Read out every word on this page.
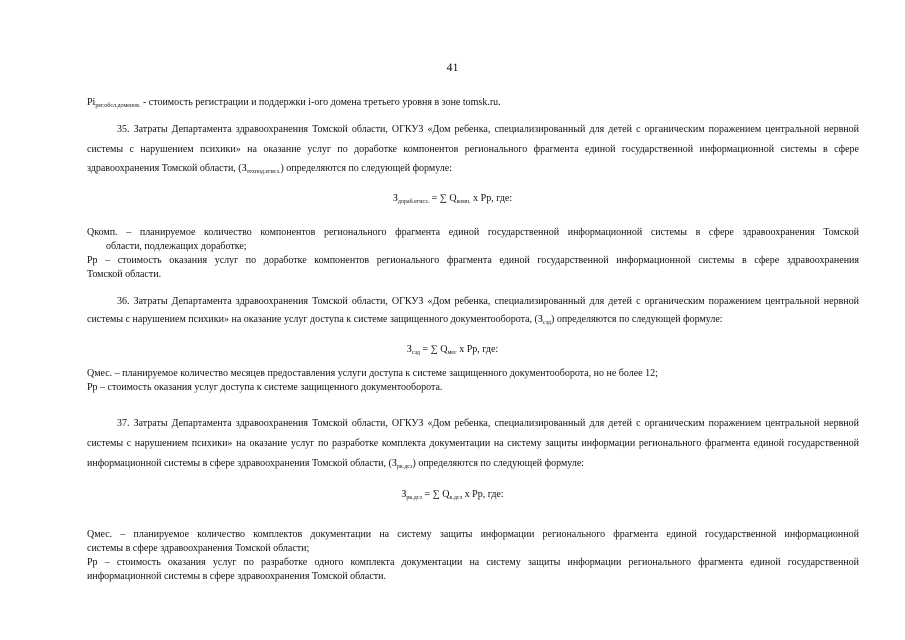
41
$Pi_{рег.обсл.доменов.}$ - стоимость регистрации и поддержки i-ого домена третьего уровня в зоне tomsk.ru.
35. Затраты Департамента здравоохранения Томской области, ОГКУЗ «Дом ребенка, специализированный для детей с органическим поражением центральной нервной
системы с нарушением психики» на оказание услуг по доработке компонентов регионального фрагмента единой государственной информационной системы в сфере
здравоохранения Томской области, $(З_{техпод.егисз.})$ определяются по следующей формуле:
$З_{дораб.егисз.}$ = ∑ $Q_{комп.}$ х Рр, где:
Qкомп. – планируемое количество компонентов регионального фрагмента единой государственной информационной системы в сфере здравоохранения Томской
области, подлежащих доработке;
Рр – стоимость оказания услуг по доработке компонентов регионального фрагмента единой государственной информационной системы в сфере здравоохранения
Томской области.
36. Затраты Департамента здравоохранения Томской области, ОГКУЗ «Дом ребенка, специализированный для детей с органическим поражением центральной нервной
системы с нарушением психики» на оказание услуг доступа к системе защищенного документооборота, $(З_{сзд})$ определяются по следующей формуле:
$З_{сзд}$ = ∑ $Q_{мес}$ х Рр, где:
Qмес. – планируемое количество месяцев предоставления услуги доступа к системе защищенного документооборота, но не более 12;
Рр – стоимость оказания услуг доступа к системе защищенного документооборота.
37. Затраты Департамента здравоохранения Томской области, ОГКУЗ «Дом ребенка, специализированный для детей с органическим поражением центральной нервной
системы с нарушением психики» на оказание услуг по разработке комплекта документации на систему защиты информации регионального фрагмента единой государственной
информационной системы в сфере здравоохранения Томской области, $(З_{рк.дсз})$ определяются по следующей формуле:
$З_{рк.дсз}$ = ∑ $Q_{к.дсз}$ х Рр, где:
Qмес. – планируемое количество комплектов документации на систему защиты информации регионального фрагмента единой государственной информационной
системы в сфере здравоохранения Томской области;
Рр – стоимость оказания услуг по разработке одного комплекта документации на систему защиты информации регионального фрагмента единой государственной
информационной системы в сфере здравоохранения Томской области.
